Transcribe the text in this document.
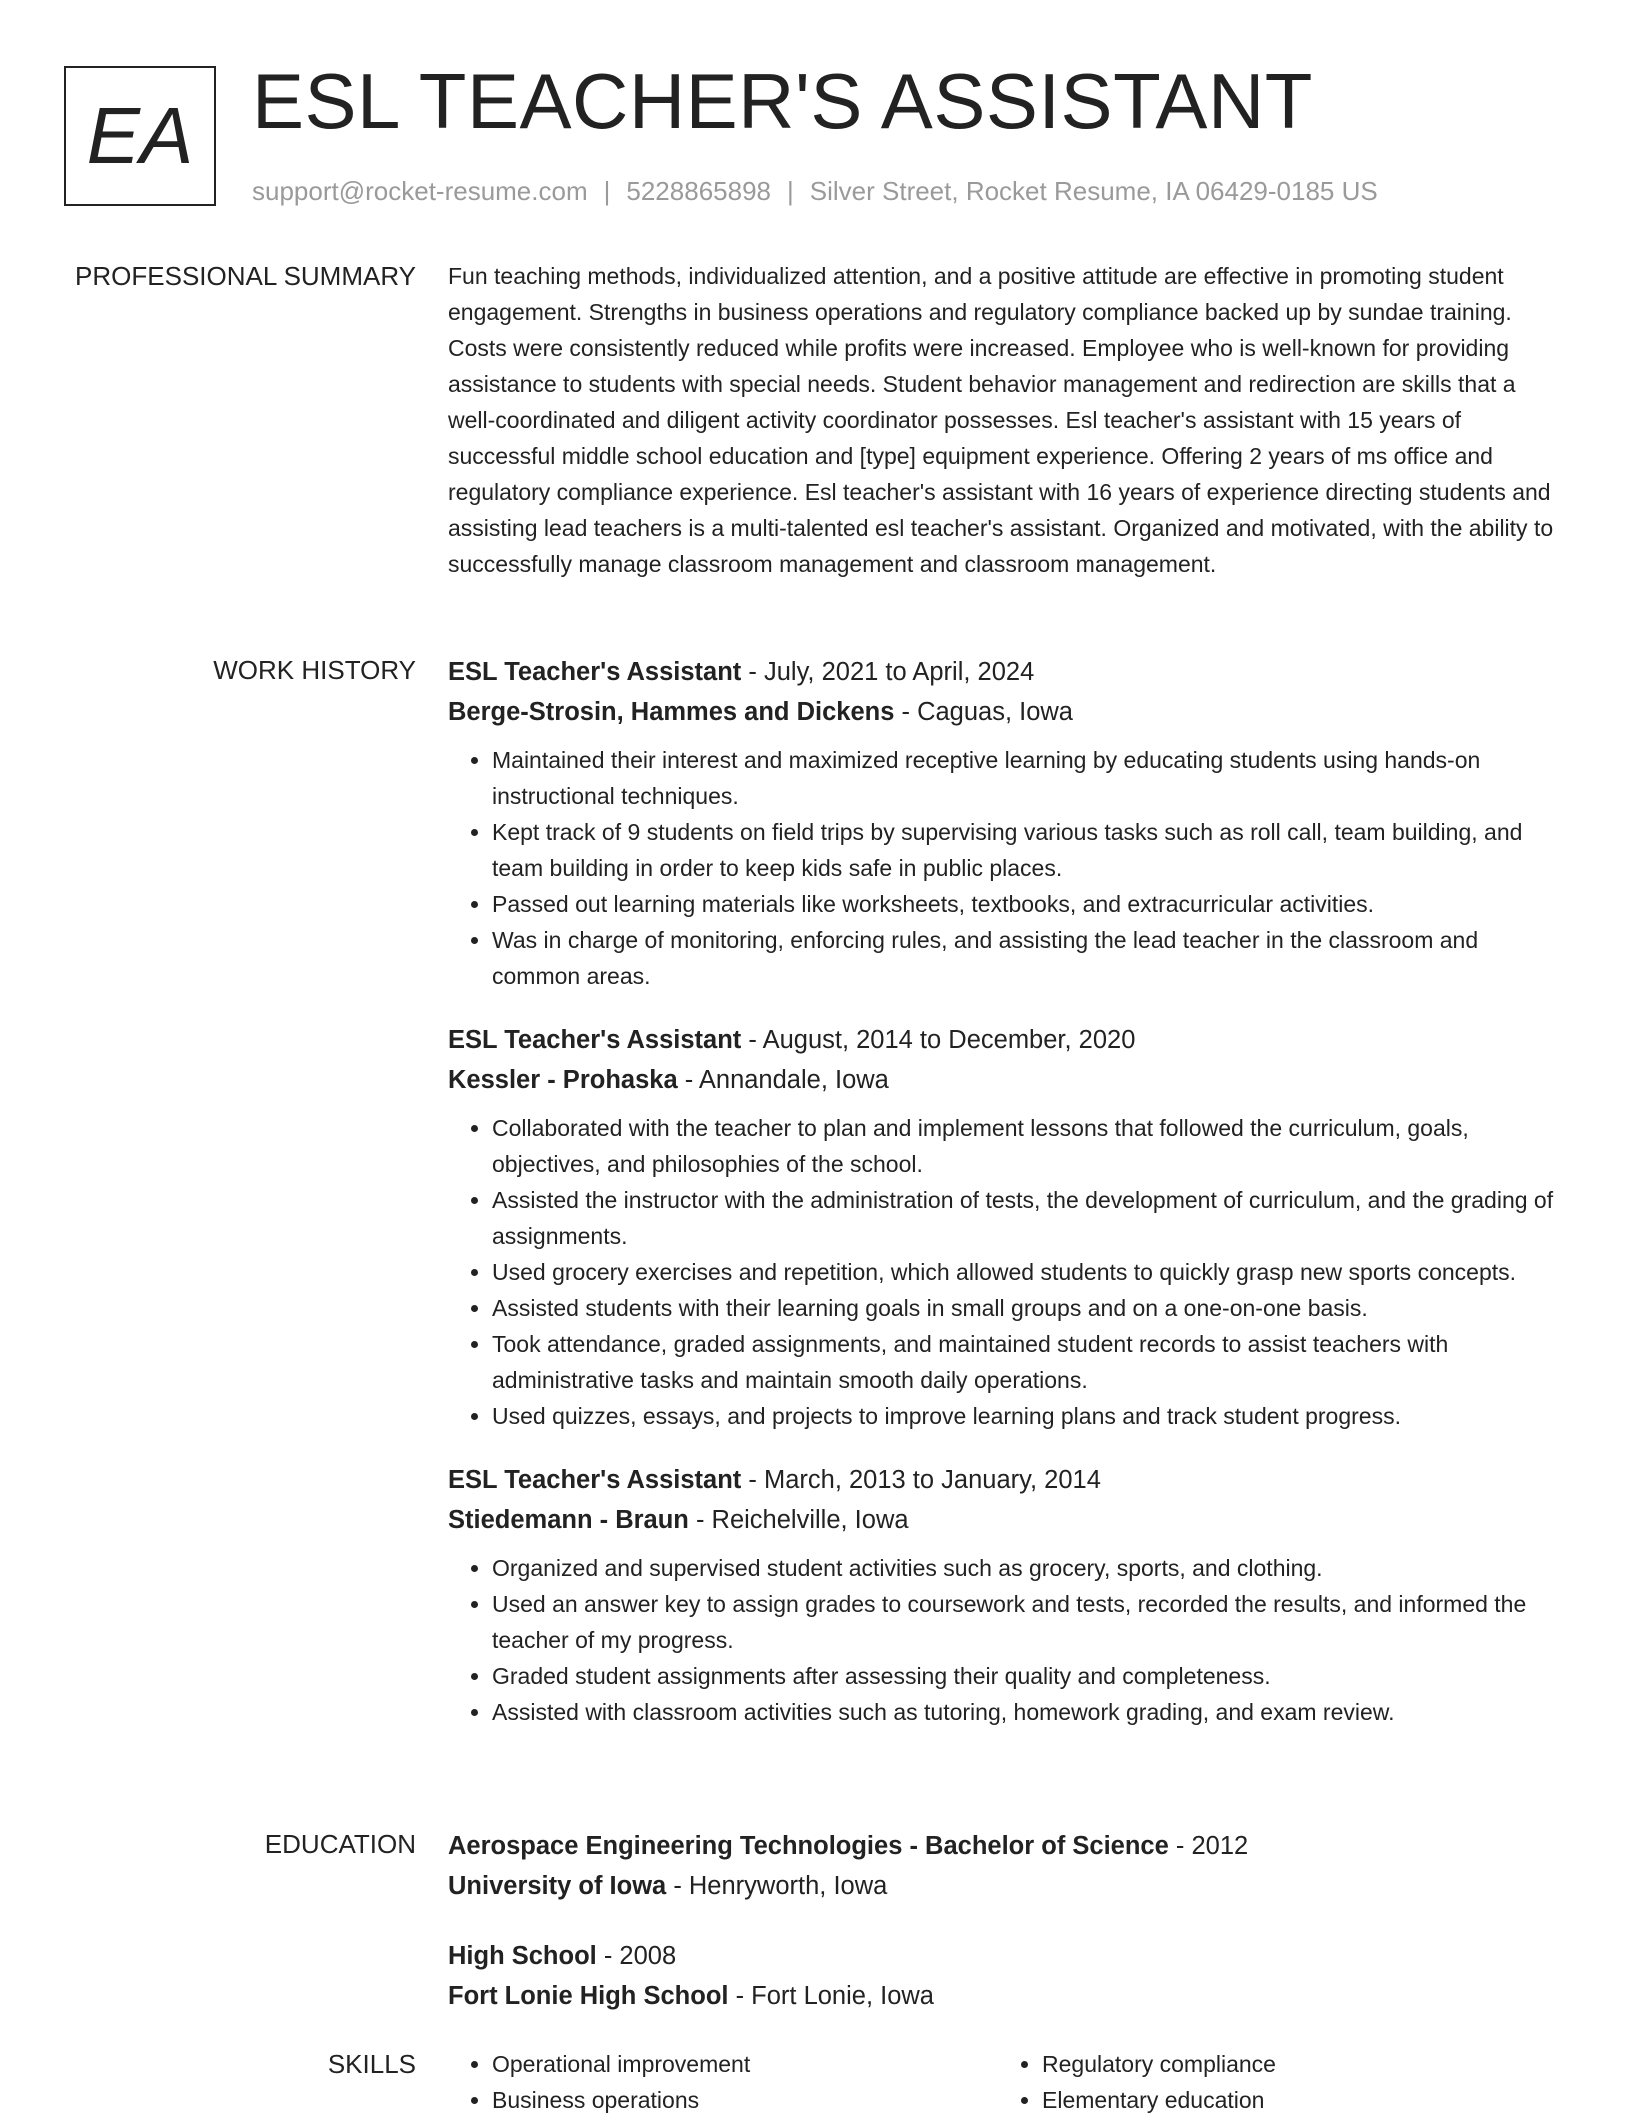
EA ESL TEACHER'S ASSISTANT
support@rocket-resume.com | 5228865898 | Silver Street, Rocket Resume, IA 06429-0185 US
PROFESSIONAL SUMMARY Fun teaching methods, individualized attention, and a positive attitude are effective in promoting student engagement. Strengths in business operations and regulatory compliance backed up by sundae training. Costs were consistently reduced while profits were increased. Employee who is well-known for providing assistance to students with special needs. Student behavior management and redirection are skills that a well-coordinated and diligent activity coordinator possesses. Esl teacher's assistant with 15 years of successful middle school education and [type] equipment experience. Offering 2 years of ms office and regulatory compliance experience. Esl teacher's assistant with 16 years of experience directing students and assisting lead teachers is a multi-talented esl teacher's assistant. Organized and motivated, with the ability to successfully manage classroom management and classroom management.

WORK HISTORY ESL Teacher's Assistant - July, 2021 to April, 2024
Berge-Strosin, Hammes and Dickens - Caguas, Iowa
• Maintained their interest and maximized receptive learning by educating students using hands-on instructional techniques.
• Kept track of 9 students on field trips by supervising various tasks such as roll call, team building, and team building in order to keep kids safe in public places.
• Passed out learning materials like worksheets, textbooks, and extracurricular activities.
• Was in charge of monitoring, enforcing rules, and assisting the lead teacher in the classroom and common areas.
ESL Teacher's Assistant - August, 2014 to December, 2020
Kessler - Prohaska - Annandale, Iowa
• Collaborated with the teacher to plan and implement lessons that followed the curriculum, goals, objectives, and philosophies of the school.
• Assisted the instructor with the administration of tests, the development of curriculum, and the grading of assignments.
• Used grocery exercises and repetition, which allowed students to quickly grasp new sports concepts.
• Assisted students with their learning goals in small groups and on a one-on-one basis.
• Took attendance, graded assignments, and maintained student records to assist teachers with administrative tasks and maintain smooth daily operations.
• Used quizzes, essays, and projects to improve learning plans and track student progress.
ESL Teacher's Assistant - March, 2013 to January, 2014
Stiedemann - Braun - Reichelville, Iowa
• Organized and supervised student activities such as grocery, sports, and clothing.
• Used an answer key to assign grades to coursework and tests, recorded the results, and informed the teacher of my progress.
• Graded student assignments after assessing their quality and completeness.
• Assisted with classroom activities such as tutoring, homework grading, and exam review.
EDUCATION Aerospace Engineering Technologies - Bachelor of Science - 2012
University of Iowa - Henryworth, Iowa
High School - 2008
Fort Lonie High School - Fort Lonie, Iowa
SKILLS
•	Operational improvement
• Business operations
• Regulatory compliance
• Elementary education
